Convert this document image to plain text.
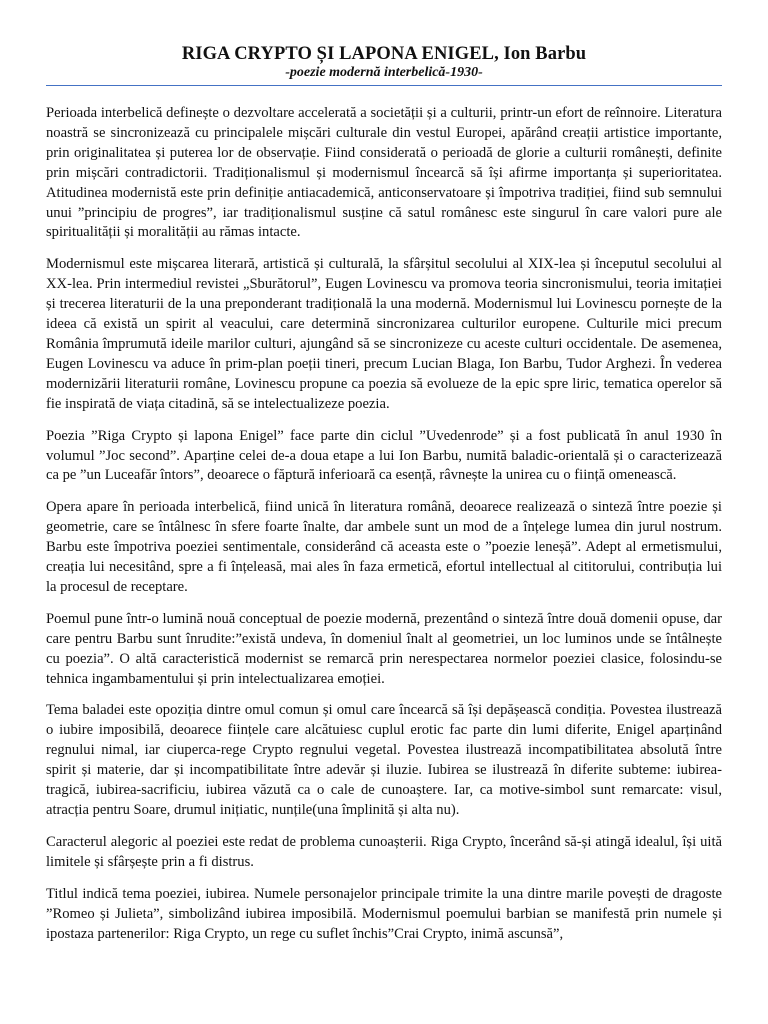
RIGA CRYPTO ȘI LAPONA ENIGEL, Ion Barbu
-poezie modernă interbelică-1930-

Perioada interbelică definește o dezvoltare accelerată a societății și a culturii, printr-un efort de reînnoire. Literatura noastră se sincronizează cu principalele mișcări culturale din vestul Europei, apărând creații artistice importante, prin originalitatea și puterea lor de observație. Fiind considerată o perioadă de glorie a culturii românești, definite prin mișcări contradictorii. Tradiționalismul și modernismul încearcă să își afirme importanța și superioritatea. Atitudinea modernistă este prin definiție antiacademică, anticonservatoare și împotriva tradiției, fiind sub semnului unui ”principiu de progres”, iar tradiționalismul susține că satul românesc este singurul în care valori pure ale spiritualității și moralității au rămas intacte.

Modernismul este mișcarea literară, artistică și culturală, la sfârșitul secolului al XIX-lea și începutul secolului al XX-lea. Prin intermediul revistei „Sburătorul”, Eugen Lovinescu va promova teoria sincronismului, teoria imitației și trecerea literaturii de la una preponderant tradițională la una modernă. Modernismul lui Lovinescu pornește de la ideea că există un spirit al veacului, care determină sincronizarea culturilor europene. Culturile mici precum România împrumută ideile marilor culturi, ajungând să se sincronizeze cu aceste culturi occidentale. De asemenea, Eugen Lovinescu va aduce în prim-plan poeții tineri, precum Lucian Blaga, Ion Barbu, Tudor Arghezi. În vederea modernizării literaturii române, Lovinescu propune ca poezia să evolueze de la epic spre liric, tematica operelor să fie inspirată de viața citadină, să se intelectualizeze poezia.

Poezia ”Riga Crypto și lapona Enigel” face parte din ciclul ”Uvedenrode” și a fost publicată în anul 1930 în volumul ”Joc second”. Aparține celei de-a doua etape a lui Ion Barbu, numită baladic-orientală și o caracterizează ca pe ”un Luceafăr întors”, deoarece o făptură inferioară ca esență, râvnește la unirea cu o ființă omenească.

Opera apare în perioada interbelică, fiind unică în literatura română, deoarece realizează o sinteză între poezie și geometrie, care se întâlnesc în sfere foarte înalte, dar ambele sunt un mod de a înțelege lumea din jurul nostrum. Barbu este împotriva poeziei sentimentale, considerând că aceasta este o ”poezie leneșă”. Adept al ermetismului, creația lui necesitând, spre a fi înțeleasă, mai ales în faza ermetică, efortul intellectual al cititorului, contribuția lui la procesul de receptare.

Poemul pune într-o lumină nouă conceptual de poezie modernă, prezentând o sinteză între două domenii opuse, dar care pentru Barbu sunt înrudite:”există undeva, în domeniul înalt al geometriei, un loc luminos unde se întâlnește cu poezia”. O altă caracteristică modernist se remarcă prin nerespectarea normelor poeziei clasice, folosindu-se tehnica ingambamentului și prin intelectualizarea emoției.

Tema baladei este opoziția dintre omul comun și omul care încearcă să își depășească condiția. Povestea ilustrează o iubire imposibilă, deoarece ființele care alcătuiesc cuplul erotic fac parte din lumi diferite, Enigel aparținând regnului nimal, iar ciuperca-rege Crypto regnului vegetal. Povestea ilustrează incompatibilitatea absolută între spirit și materie, dar și incompatibilitate între adevăr și iluzie. Iubirea se ilustrează în diferite subteme: iubirea-tragică, iubirea-sacrificiu, iubirea văzută ca o cale de cunoaștere. Iar, ca motive-simbol sunt remarcate: visul, atracția pentru Soare, drumul inițiatic, nunțile(una împlinită și alta nu).

Caracterul alegoric al poeziei este redat de problema cunoașterii. Riga Crypto, încerând să-și atingă idealul, își uită limitele și sfârșește prin a fi distrus.

Titlul indică tema poeziei, iubirea. Numele personajelor principale trimite la una dintre marile povești de dragoste ”Romeo și Julieta”, simbolizând iubirea imposibilă. Modernismul poemului barbian se manifestă prin numele și ipostaza partenerilor: Riga Crypto, un rege cu suflet închis”Crai Crypto, inimă ascunsă”,
